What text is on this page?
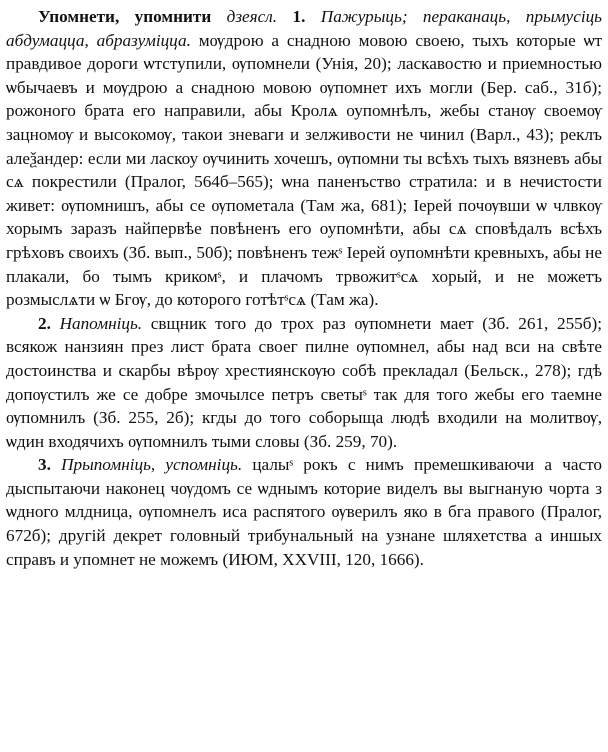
Упомнети, упомнити дзеясл. 1. Пажурыць; пераканаць, прымусіць абдумацца, абразуміцца. мѹдрою а снадною мовою своею, тыхъ которые ѡт правдивое дороги ѡтступили, ѹпомнели (Унія, 20); ласкавостю и приемностью ѡбычаевъ и мѹдрою а снадною мовою ѹпомнет ихъ могли (Бер. саб., 31б); рожоного брата его направили, абы Кролѧ оупомнѣлъ, жебы станѹ своемѹ зацномѹ и высокомѹ, такои зневаги и зелживости не чинил (Варл., 43); реклъ алеѯандер: если ми ласкоу ѹчинить хочешъ, ѹпомни ты всѣхъ тыхъ вязневъ абы сѧ покрестили (Пралог, 564б–565); ѡна паненъство стратила: и в нечистости живет: ѹпомнишъ, абы се ѹпометала (Там жа, 681); Іерей почѹвши ѡ члвкѹ хорымъ заразъ найпервѣе повѣненъ его оупомнѣти, абы сѧ сповѣдалъ всѣхъ грѣховъ своихъ (Зб. вып., 50б); повѣненъ тежˢ Іерей оупомнѣти кревныхъ, абы не плакали, бо тымъ крикомˢ, и плачомъ трвожитˢсѧ хорый, и не можетъ розмыслѧти ѡ Бгѹ, до которого готѣтˢсѧ (Там жа).

2. Напомніць. свщник того до трох раз ѹпомнети мает (Зб. 261, 255б); всякож нанзиян през лист брата своег пилне ѹпомнел, абы над вси на свѣте достоинства и скарбы вѣрѹ хрестиянскѹю собѣ прекладал (Бельск., 278); гдѣ допѹстилъ же се добре змочылсе петръ светыˢ так для того жебы его таемне ѹпомнилъ (Зб. 255, 2б); кгды до того соборыща людѣ входили на молитвѹ, ѡдин входячихъ ѹпомнилъ тыми словы (Зб. 259, 70).

3. Прыпомніць, успомніць. цалыˢ рокъ с нимъ премешкиваючи а часто дыспытаючи наконец чѹдомъ се ѡднымъ которие виделъ вы выгнаную чорта з ѡдного млдница, ѹпомнелъ иса распятого ѹверилъ яко в бга правого (Пралог, 672б); другій декрет головный трибунальный на узнане шляхетства а иншых справъ и упомнет не можемъ (ИЮМ, XXVIII, 120, 1666).
